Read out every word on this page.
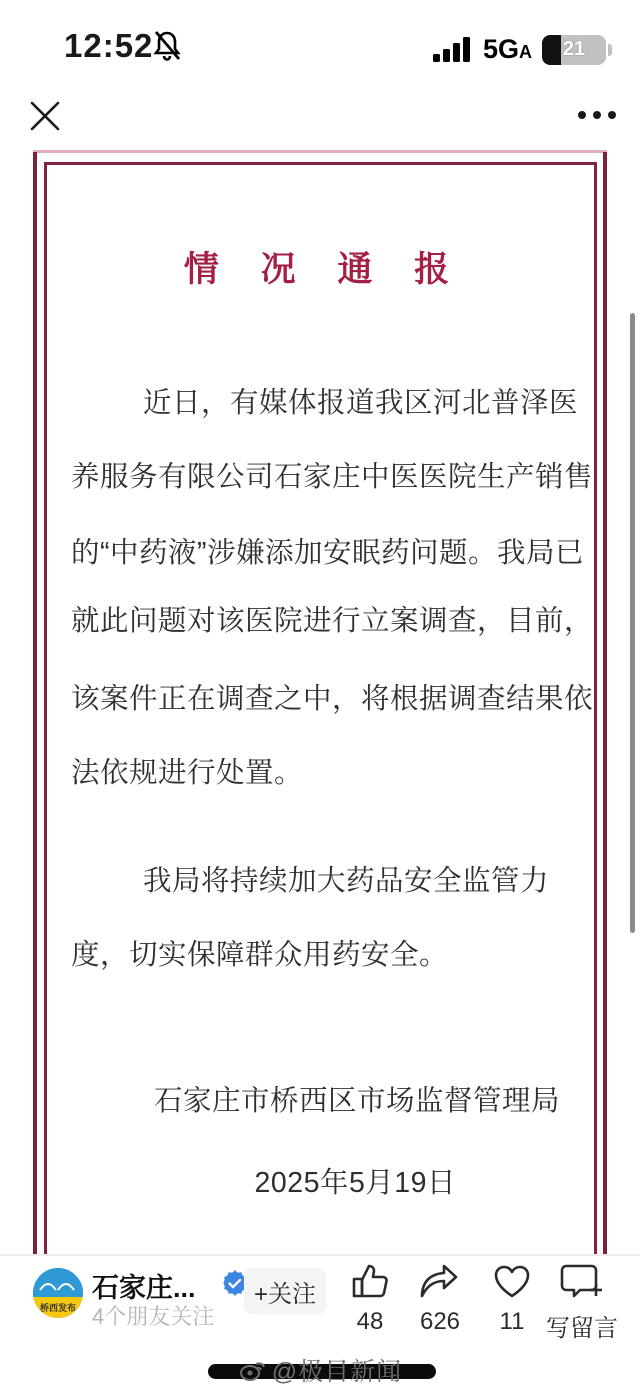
12:52	5GA	21
情 况 通 报
近日，有媒体报道我区河北普泽医
养服务有限公司石家庄中医医院生产销售
的“中药液”涉嫌添加安眠药问题。我局已
就此问题对该医院进行立案调查，目前，
该案件正在调查之中，将根据调查结果依
法依规进行处置。
我局将持续加大药品安全监管力
度，切实保障群众用药安全。
石家庄市桥西区市场监督管理局
2025年5月19日
桥西发布
石家庄...
4个朋友关注
+关注
48 626 11 写留言
@极目新闻
